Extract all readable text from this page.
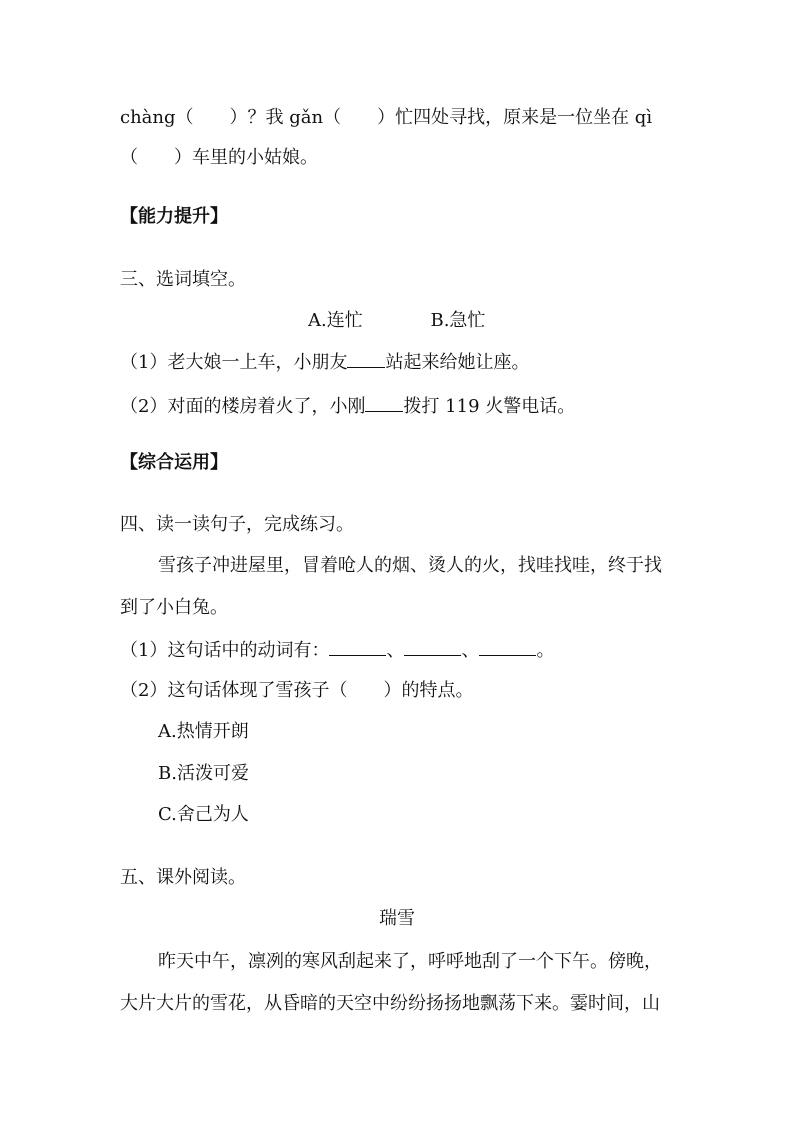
chàng（　　）？我 gǎn（　　）忙四处寻找，原来是一位坐在 qì
（　　）车里的小姑娘。
【能力提升】
三、选词填空。
A.连忙	B.急忙
（1）老大娘一上车，小朋友 站起来给她让座。
（2）对面的楼房着火了，小刚 拨打 119 火警电话。
【综合运用】
四、读一读句子，完成练习。
雪孩子冲进屋里，冒着呛人的烟、烫人的火，找哇找哇，终于找
到了小白兔。
（1）这句话中的动词有：	、	、	。
（2）这句话体现了雪孩子（　　）的特点。
A.热情开朗
B.活泼可爱
C.舍己为人
五、课外阅读。
瑞雪
昨天中午，凛冽的寒风刮起来了，呼呼地刮了一个下午。傍晚，
大片大片的雪花，从昏暗的天空中纷纷扬扬地飘荡下来。霎时间，山
